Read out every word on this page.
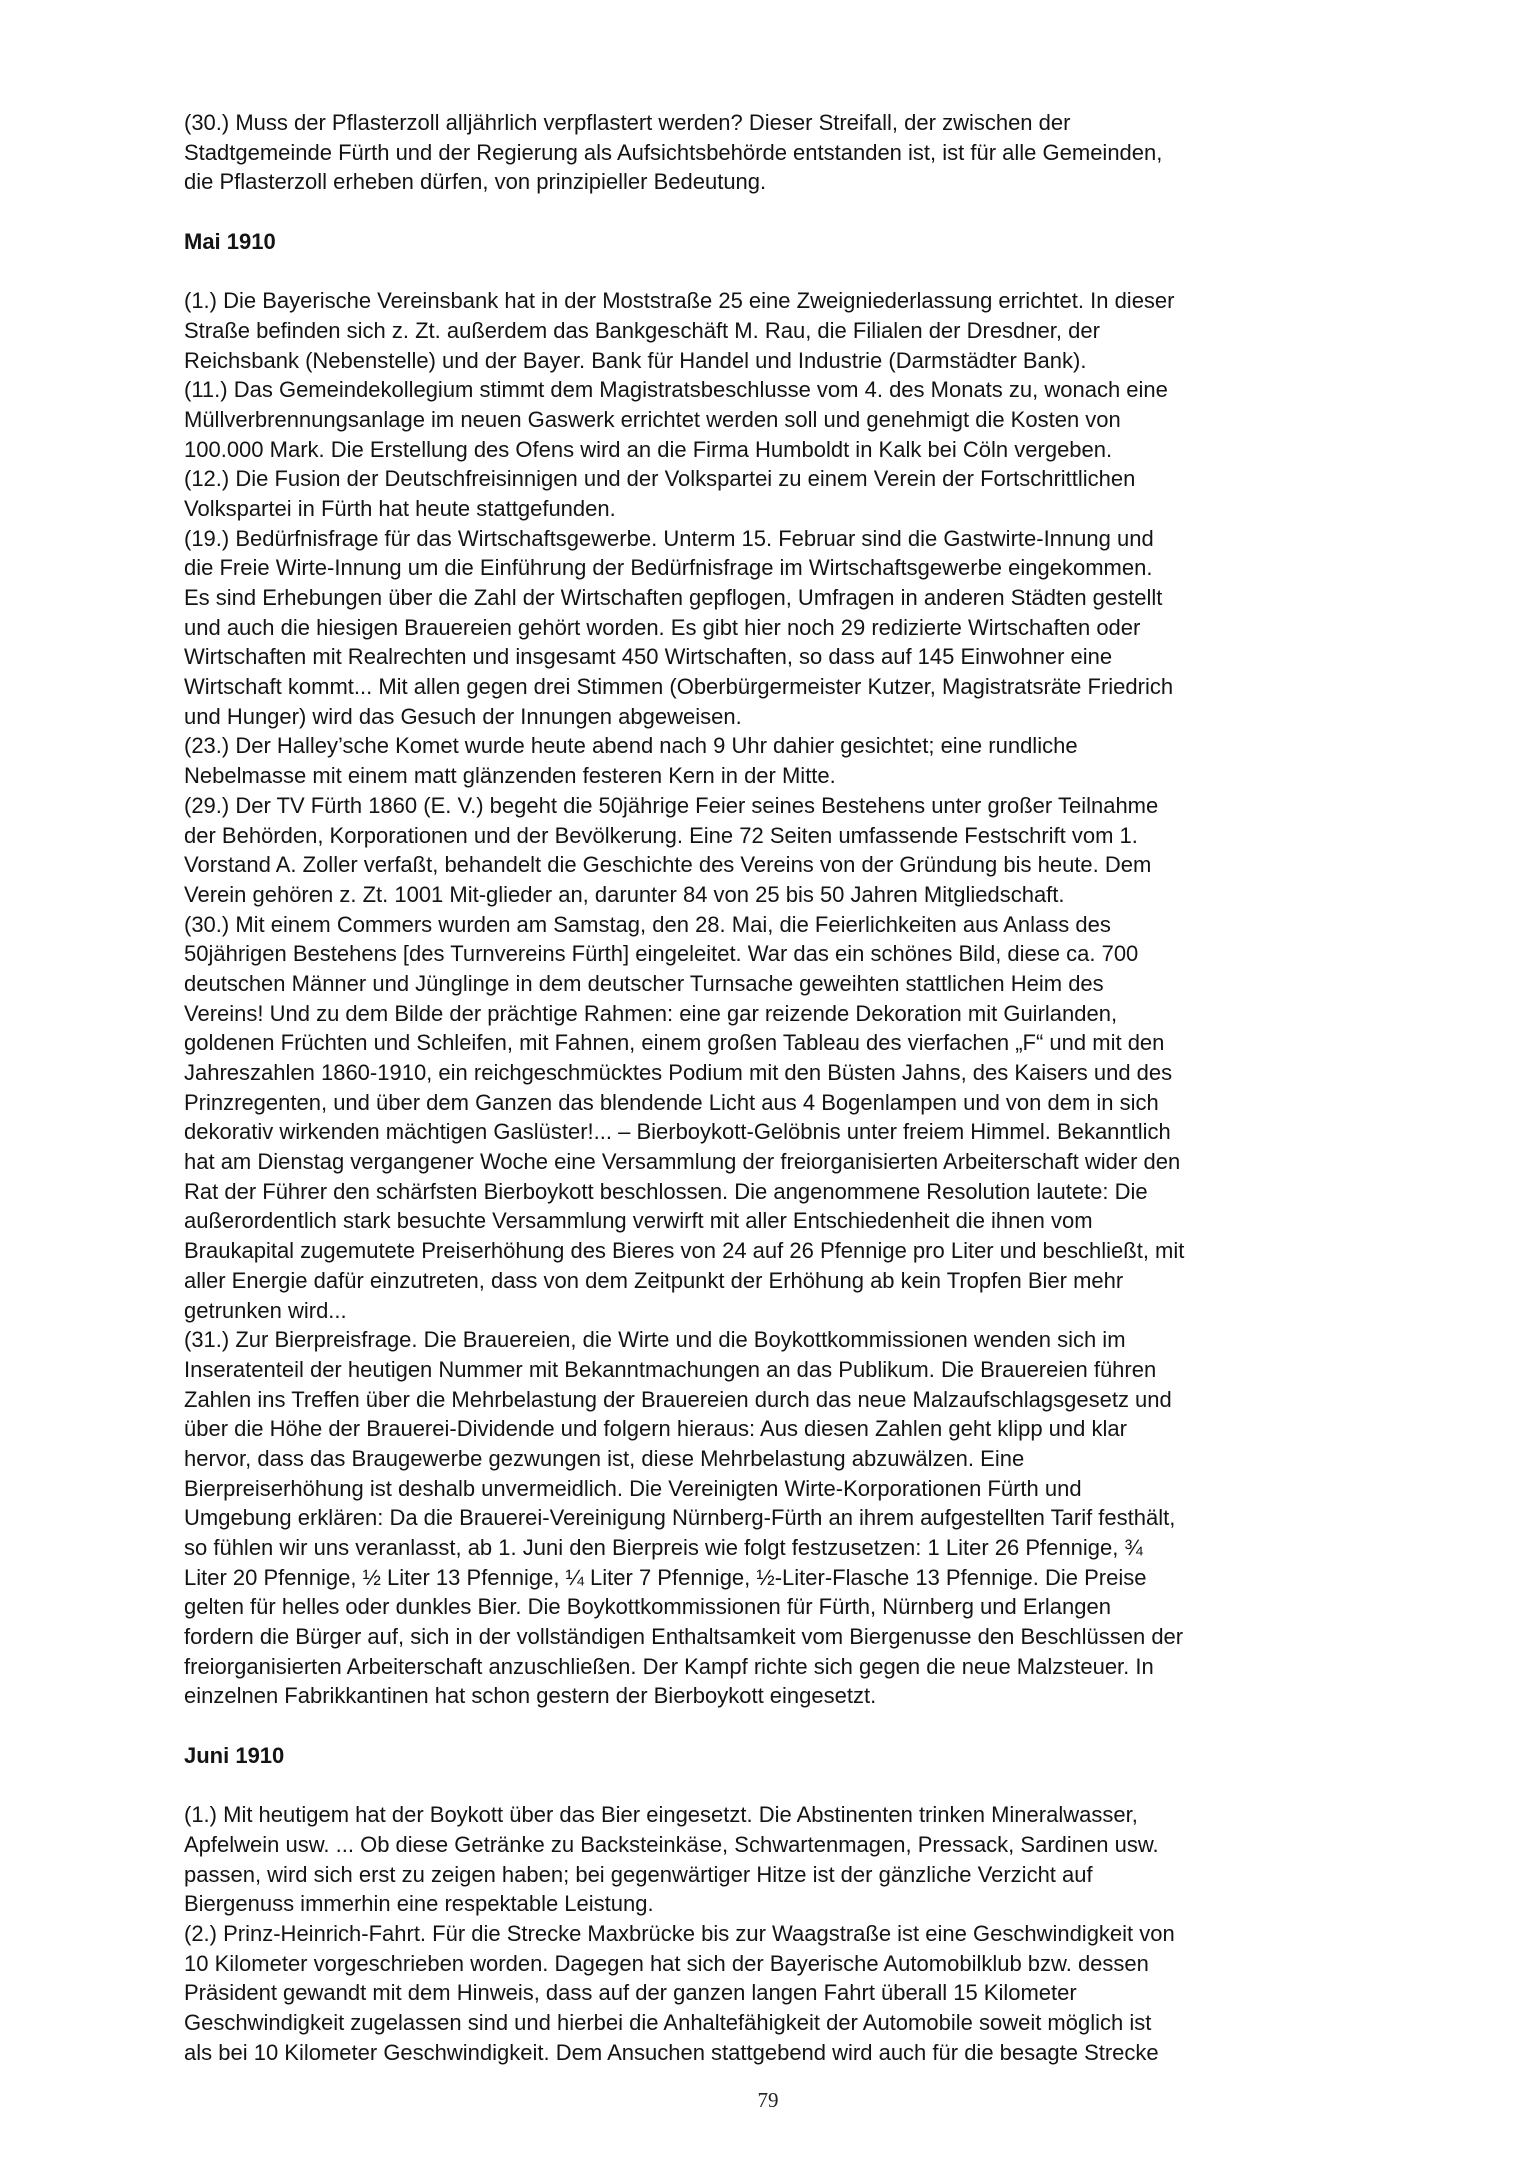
(30.) Muss der Pflasterzoll alljährlich verpflastert werden? Dieser Streifall, der zwischen der
Stadtgemeinde Fürth und der Regierung als Aufsichtsbehörde entstanden ist, ist für alle Gemeinden,
die Pflasterzoll erheben dürfen, von prinzipieller Bedeutung.
Mai 1910
(1.) Die Bayerische Vereinsbank hat in der Moststraße 25 eine Zweigniederlassung errichtet. In dieser
Straße befinden sich z. Zt. außerdem das Bankgeschäft M. Rau, die Filialen der Dresdner, der
Reichsbank (Nebenstelle) und der Bayer. Bank für Handel und Industrie (Darmstädter Bank).
(11.) Das Gemeindekollegium stimmt dem Magistratsbeschlusse vom 4. des Monats zu, wonach eine
Müllverbrennungsanlage im neuen Gaswerk errichtet werden soll und genehmigt die Kosten von
100.000 Mark. Die Erstellung des Ofens wird an die Firma Humboldt in Kalk bei Cöln vergeben.
(12.) Die Fusion der Deutschfreisinnigen und der Volkspartei zu einem Verein der Fortschrittlichen
Volkspartei in Fürth hat heute stattgefunden.
(19.) Bedürfnisfrage für das Wirtschaftsgewerbe. Unterm 15. Februar sind die Gastwirte-Innung und
die Freie Wirte-Innung um die Einführung der Bedürfnisfrage im Wirtschaftsgewerbe eingekommen.
Es sind Erhebungen über die Zahl der Wirtschaften gepflogen, Umfragen in anderen Städten gestellt
und auch die hiesigen Brauereien gehört worden. Es gibt hier noch 29 redizierte Wirtschaften oder
Wirtschaften mit Realrechten und insgesamt 450 Wirtschaften, so dass auf 145 Einwohner eine
Wirtschaft kommt... Mit allen gegen drei Stimmen (Oberbürgermeister Kutzer, Magistratsräte Friedrich
und Hunger) wird das Gesuch der Innungen abgeweisen.
(23.) Der Halley’sche Komet wurde heute abend nach 9 Uhr dahier gesichtet; eine rundliche
Nebelmasse mit einem matt glänzenden festeren Kern in der Mitte.
(29.) Der TV Fürth 1860 (E. V.) begeht die 50jährige Feier seines Bestehens unter großer Teilnahme
der Behörden, Korporationen und der Bevölkerung. Eine 72 Seiten umfassende Festschrift vom 1.
Vorstand A. Zoller verfaßt, behandelt die Geschichte des Vereins von der Gründung bis heute. Dem
Verein gehören z. Zt. 1001 Mit-glieder an, darunter 84 von 25 bis 50 Jahren Mitgliedschaft.
(30.) Mit einem Commers wurden am Samstag, den 28. Mai, die Feierlichkeiten aus Anlass des
50jährigen Bestehens [des Turnvereins Fürth] eingeleitet. War das ein schönes Bild, diese ca. 700
deutschen Männer und Jünglinge in dem deutscher Turnsache geweihten stattlichen Heim des
Vereins! Und zu dem Bilde der prächtige Rahmen: eine gar reizende Dekoration mit Guirlanden,
goldenen Früchten und Schleifen, mit Fahnen, einem großen Tableau des vierfachen „F“ und mit den
Jahreszahlen 1860-1910, ein reichgeschmücktes Podium mit den Büsten Jahns, des Kaisers und des
Prinzregenten, und über dem Ganzen das blendende Licht aus 4 Bogenlampen und von dem in sich
dekorativ wirkenden mächtigen Gaslüster!... – Bierboykott-Gelöbnis unter freiem Himmel. Bekanntlich
hat am Dienstag vergangener Woche eine Versammlung der freiorganisierten Arbeiterschaft wider den
Rat der Führer den schärfsten Bierboykott beschlossen. Die angenommene Resolution lautete: Die
außerordentlich stark besuchte Versammlung verwirft mit aller Entschiedenheit die ihnen vom
Braukapital zugemutete Preiserhöhung des Bieres von 24 auf 26 Pfennige pro Liter und beschließt, mit
aller Energie dafür einzutreten, dass von dem Zeitpunkt der Erhöhung ab kein Tropfen Bier mehr
getrunken wird...
(31.) Zur Bierpreisfrage. Die Brauereien, die Wirte und die Boykottkommissionen wenden sich im
Inseratenteil der heutigen Nummer mit Bekanntmachungen an das Publikum. Die Brauereien führen
Zahlen ins Treffen über die Mehrbelastung der Brauereien durch das neue Malzaufschlagsgesetz und
über die Höhe der Brauerei-Dividende und folgern hieraus: Aus diesen Zahlen geht klipp und klar
hervor, dass das Braugewerbe gezwungen ist, diese Mehrbelastung abzuwälzen. Eine
Bierpreiserhöhung ist deshalb unvermeidlich. Die Vereinigten Wirte-Korporationen Fürth und
Umgebung erklären: Da die Brauerei-Vereinigung Nürnberg-Fürth an ihrem aufgestellten Tarif festhält,
so fühlen wir uns veranlasst, ab 1. Juni den Bierpreis wie folgt festzusetzen: 1 Liter 26 Pfennige, ¾
Liter 20 Pfennige, ½ Liter 13 Pfennige, ¼ Liter 7 Pfennige, ½-Liter-Flasche 13 Pfennige. Die Preise
gelten für helles oder dunkles Bier. Die Boykottkommissionen für Fürth, Nürnberg und Erlangen
fordern die Bürger auf, sich in der vollständigen Enthaltsamkeit vom Biergenusse den Beschlüssen der
freiorganisierten Arbeiterschaft anzuschließen. Der Kampf richte sich gegen die neue Malzsteuer. In
einzelnen Fabrikkantinen hat schon gestern der Bierboykott eingesetzt.
Juni 1910
(1.) Mit heutigem hat der Boykott über das Bier eingesetzt. Die Abstinenten trinken Mineralwasser,
Apfelwein usw. ... Ob diese Getränke zu Backsteinkäse, Schwartenmagen, Pressack, Sardinen usw.
passen, wird sich erst zu zeigen haben; bei gegenwärtiger Hitze ist der gänzliche Verzicht auf
Biergenuss immerhin eine respektable Leistung.
(2.) Prinz-Heinrich-Fahrt. Für die Strecke Maxbrücke bis zur Waagstraße ist eine Geschwindigkeit von
10 Kilometer vorgeschrieben worden. Dagegen hat sich der Bayerische Automobilklub bzw. dessen
Präsident gewandt mit dem Hinweis, dass auf der ganzen langen Fahrt überall 15 Kilometer
Geschwindigkeit zugelassen sind und hierbei die Anhaltefähigkeit der Automobile soweit möglich ist
als bei 10 Kilometer Geschwindigkeit. Dem Ansuchen stattgebend wird auch für die besagte Strecke
79
